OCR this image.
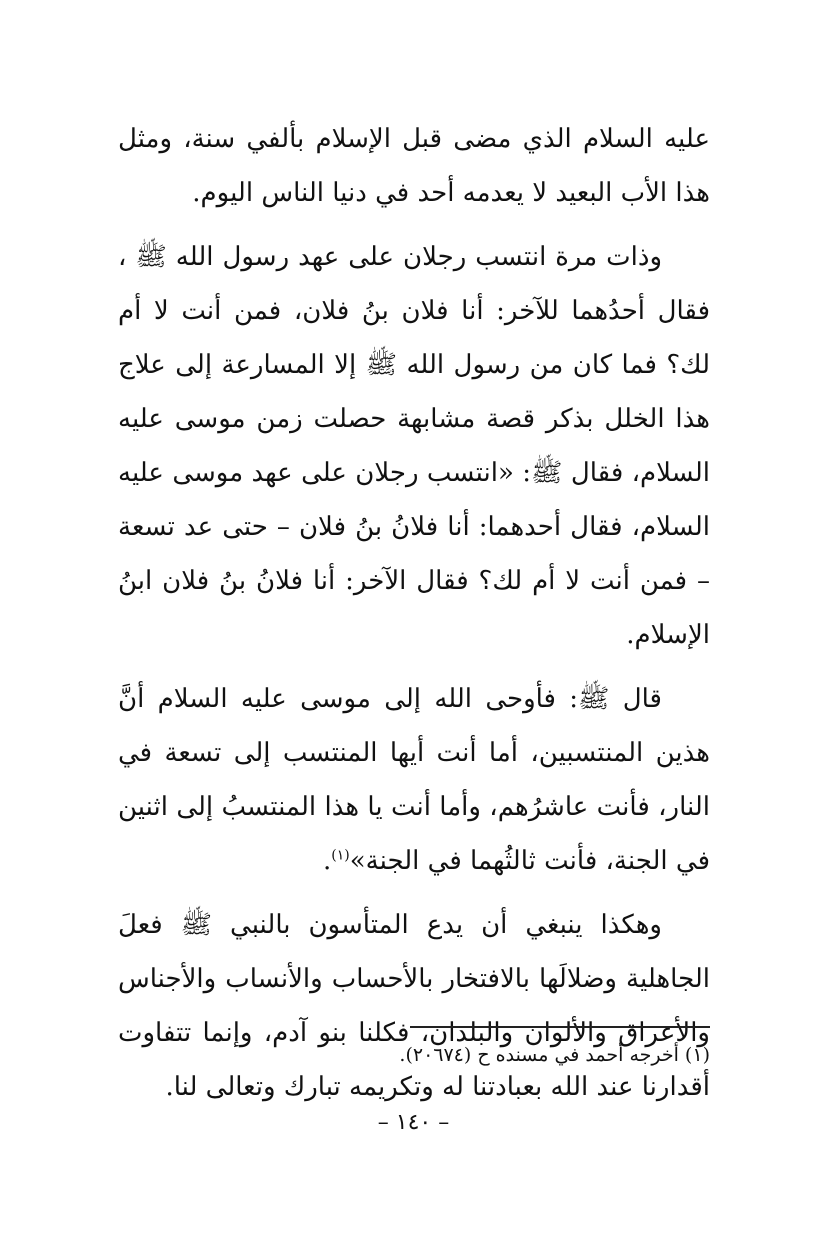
عليه السلام الذي مضى قبل الإسلام بألفي سنة، ومثل هذا الأب البعيد لا يعدمه أحد في دنيا الناس اليوم.

وذات مرة انتسب رجلان على عهد رسول الله ﷺ ، فقال أحدُهما للآخر: أنا فلان بنُ فلان، فمن أنت لا أم لك؟ فما كان من رسول الله ﷺ إلا المسارعة إلى علاج هذا الخلل بذكر قصة مشابهة حصلت زمن موسى عليه السلام، فقال ﷺ: «انتسب رجلان على عهد موسى عليه السلام، فقال أحدهما: أنا فلانُ بنُ فلان – حتى عد تسعة – فمن أنت لا أم لك؟ فقال الآخر: أنا فلانُ بنُ فلان ابنُ الإسلام.

قال ﷺ: فأوحى الله إلى موسى عليه السلام أنَّ هذين المنتسبين، أما أنت أيها المنتسب إلى تسعة في النار، فأنت عاشرُهم، وأما أنت يا هذا المنتسبُ إلى اثنين في الجنة، فأنت ثالثُهما في الجنة»$^{(١)}$.

وهكذا ينبغي أن يدع المتأسون بالنبي ﷺ فعلَ الجاهلية وضلالَها بالافتخار بالأحساب والأنساب والأجناس والأعراق والألوان والبلدان، فكلنا بنو آدم، وإنما تتفاوت أقدارنا عند الله بعبادتنا له وتكريمه تبارك وتعالى لنا.

(١) أخرجه أحمد في مسنده ح (٢٠٦٧٤).
– ١٤٠ –
